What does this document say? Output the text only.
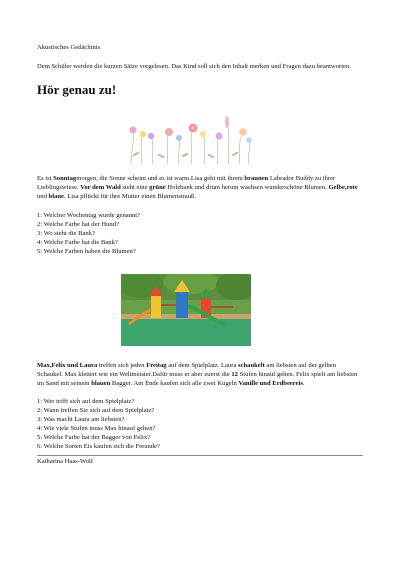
Akustisches Gedächtnis

Dem Schüler werden die kurzen Sätze vorgelesen. Das Kind soll sich den Inhalt merken und Fragen dazu beantworten.

Hör genau zu!

Es ist Sonntagmorgen, die Sonne scheint und es ist warm.Lisa geht mit ihrem braunen Labrador Buddy zu ihrer Lieblingswiese. Vor dem Wald steht eine grüne Holzbank und drum herum wachsen wunderschöne Blumen. Gelbe,rote und blaue. Lisa pflückt für ihre Mutter einen Blumenstrauß.

1: Welcher Wochentag wurde genannt?
2: Welche Farbe hat der Hund?
3: Wo steht die Bank?
4: Welche Farbe hat die Bank?
5: Welche Farben haben die Blumen?

Max,Felix und Laura treffen sich jeden Freitag auf dem Spielplatz. Laura schaukelt am liebsten auf der gelben Schaukel. Max klettert wie ein Weltmeister.Dafür muss er aber zuerst die 12 Stufen hinauf gehen. Felix spielt am liebsten im Sand mit seinem blauen Bagger. Am Ende kaufen sich alle zwei Kugeln Vanille und Erdbeereis.

1: Wer trifft sich auf dem Spielplatz?
2: Wann treffen Sie sich auf dem Spielplatz?
3: Was macht Laura am liebsten?
4: Wie viele Stufen muss Max hinauf gehen?
5: Welche Farbe hat der Bagger von Felix?
6: Welche Sorten Eis kaufen sich die Freunde?

Katharina Haas-Wolf
